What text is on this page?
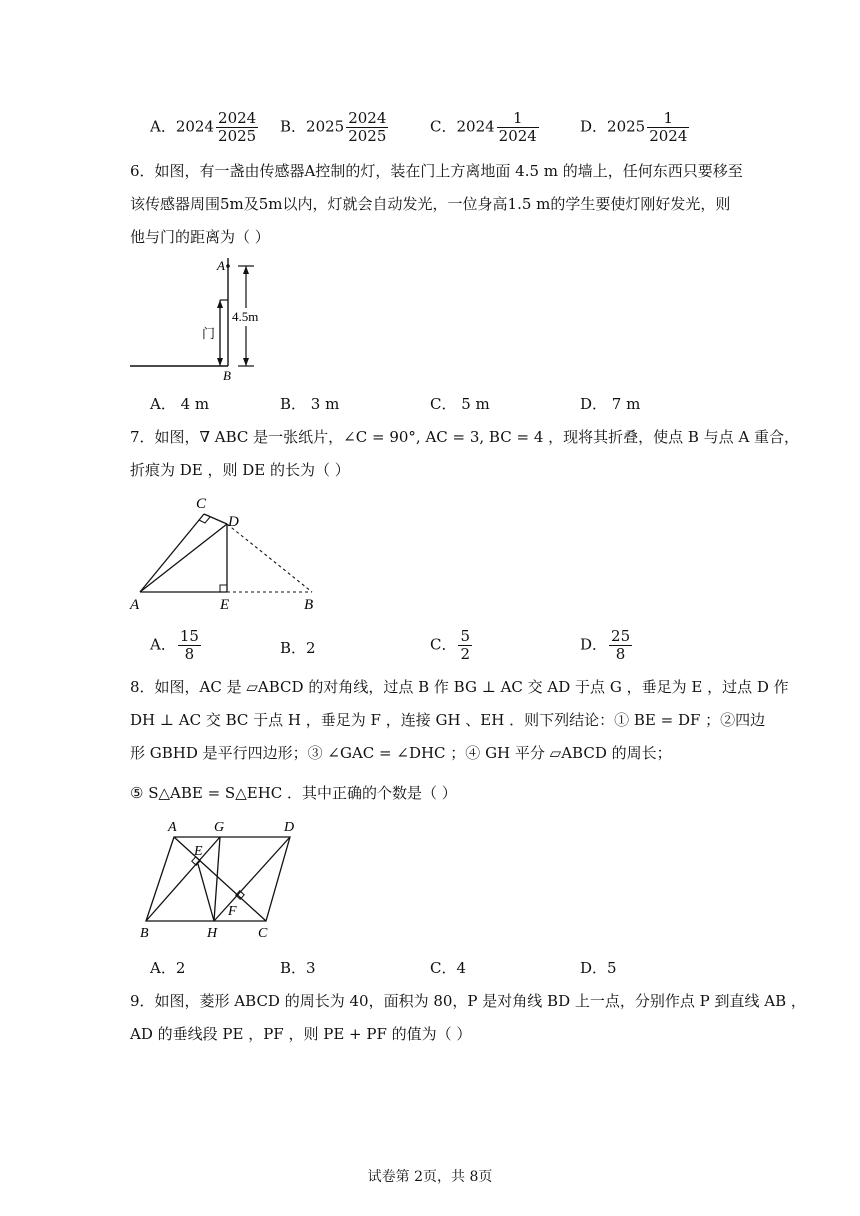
A．$2024 \frac{2024}{2025}$ B．$2025 \frac{2024}{2025}$	C．$2024 \frac{1}{2024}$	D．$2025 \frac{1}{2024}$
6．如图，有一盏由传感器A控制的灯，装在门上方离地面 4.5 m 的墙上，任何东西只要移至
该传感器周围5m及5m以内，灯就会自动发光，一位身高1.5 m的学生要使灯刚好发光，则
他与门的距离为（ ）
A
B
门
4.5m
A． 4 m	B． 3 m	C． 5 m	D． 7 m
7．如图，∇ ABC 是一张纸片，∠C = 90°, AC = 3, BC = 4 ，现将其折叠，使点 B 与点 A 重合，
折痕为 DE ，则 DE 的长为（ ）
C
D
A	E	B
A． $\frac{15}{8}$	B．2	C． $\frac{5}{2}$	D． $\frac{25}{8}$
8．如图，AC 是 ▱ABCD 的对角线，过点 B 作 BG ⊥ AC 交 AD 于点 G ，垂足为 E ，过点 D 作
DH ⊥ AC 交 BC 于点 H ，垂足为 F ，连接 GH 、EH ．则下列结论：① BE = DF ；②四边
形 GBHD 是平行四边形；③ ∠GAC = ∠DHC ；④ GH 平分 ▱ABCD 的周长；
⑤ S△ABE = S△EHC ．其中正确的个数是（ ）
A	G	D
E
F
B	H	C
A．2	B．3	C．4	D．5
9．如图，菱形 ABCD 的周长为 40，面积为 80，P 是对角线 BD 上一点，分别作点 P 到直线 AB ，
AD 的垂线段 PE ，PF ，则 PE + PF 的值为（ ）
试卷第 2页，共 8页
